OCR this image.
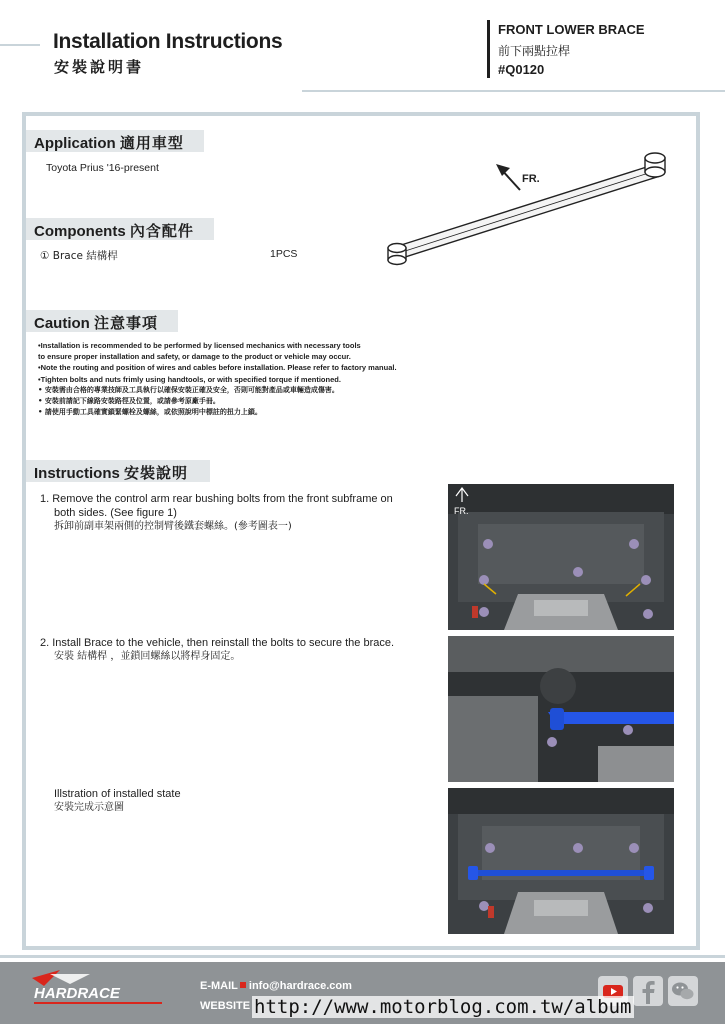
Installation Instructions
安裝說明書
FRONT LOWER BRACE
前下兩點拉桿
#Q0120
Application 適用車型
Toyota Prius '16-present
Components 內含配件
① Brace 結構桿	1PCS
FR.
Caution 注意事項
•Installation is recommended to be performed by licensed mechanics with necessary tools
to ensure proper installation and safety, or damage to the product or vehicle may occur.
•Note the routing and position of wires and cables before installation. Please refer to factory manual.
•Tighten bolts and nuts frimly using handtools, or with specified torque if mentioned.
• 安裝需由合格的專業技師及工具執行以確保安裝正確及安全，否則可能對產品或車輛造成傷害。
• 安裝前請記下線路安裝路徑及位置，或請參考原廠手冊。
• 請使用手動工具確實鎖緊螺栓及螺絲，或依照說明中標註的扭力上鎖。
Instructions 安裝說明
1. Remove the control arm rear bushing bolts from the front subframe on
both sides. (See figure 1)
拆卸前副車架兩側的控制臂後鐵套螺絲。(參考圖表一)
2. Install Brace to the vehicle, then reinstall the bolts to secure the brace.
安裝 結構桿 ，並鎖回螺絲以將桿身固定。
Illstration of installed state
安裝完成示意圖
FR.
HARDRACE	E-MAIL info@hardrace.com
WEBSITE http://www.motorblog.com.tw/album
